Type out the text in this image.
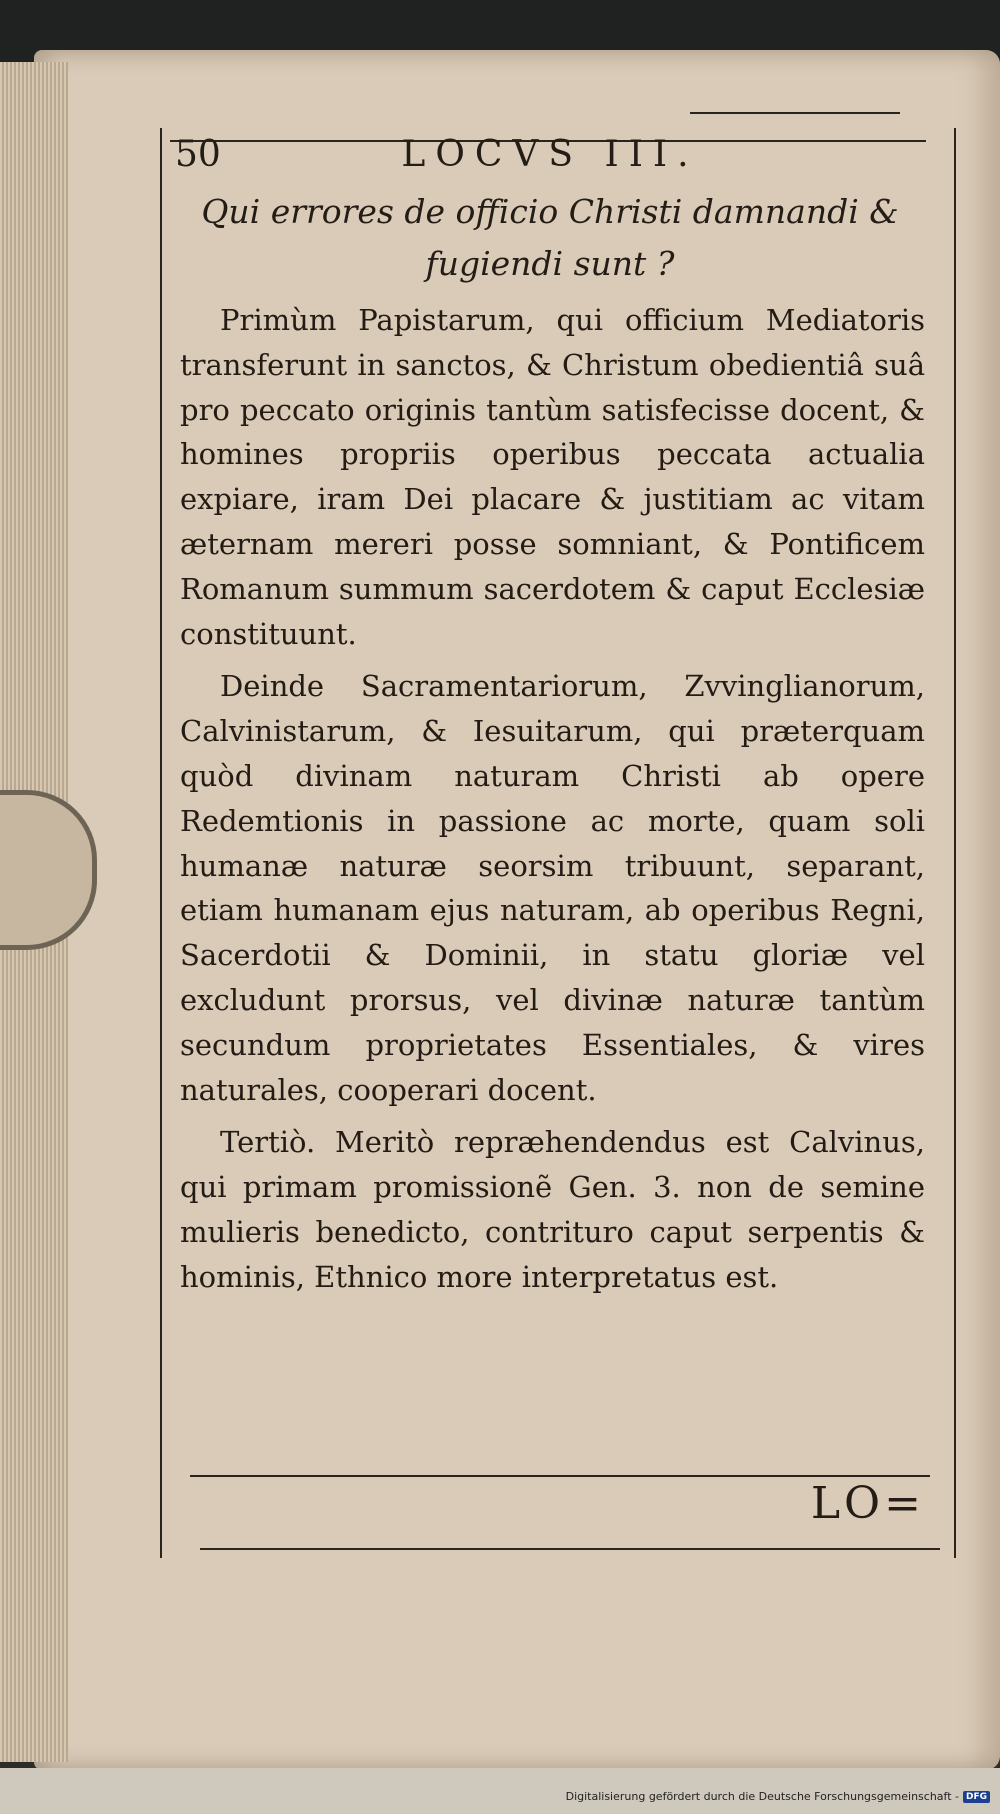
50	LOCVS III.
Qui errores de officio Christi damnandi & fugiendi sunt ?

Primùm Papistarum, qui officium Mediatoris transferunt in sanctos, & Christum obedientiâ suâ pro peccato originis tantùm satisfecisse docent, & homines propriis operibus peccata actualia expiare, iram Dei placare & justitiam ac vitam æternam mereri posse somniant, & Pontificem Romanum summum sacerdotem & caput Ecclesiæ constituunt.

Deinde Sacramentariorum, Zvvinglianorum, Calvinistarum, & Iesuitarum, qui præterquam quòd divinam naturam Christi ab opere Redemtionis in passione ac morte, quam soli humanæ naturæ seorsim tribuunt, separant, etiam humanam ejus naturam, ab operibus Regni, Sacerdotii & Dominii, in statu gloriæ vel excludunt prorsus, vel divinæ naturæ tantùm secundum proprietates Essentiales, & vires naturales, cooperari docent.

Tertiò. Meritò repræhendendus est Calvinus, qui primam promissionẽ Gen. 3. non de semine mulieris benedicto, contrituro caput serpentis & hominis, Ethnico more interpretatus est.

LO=
Digitalisierung gefördert durch die Deutsche Forschungsgemeinschaft - DFG
